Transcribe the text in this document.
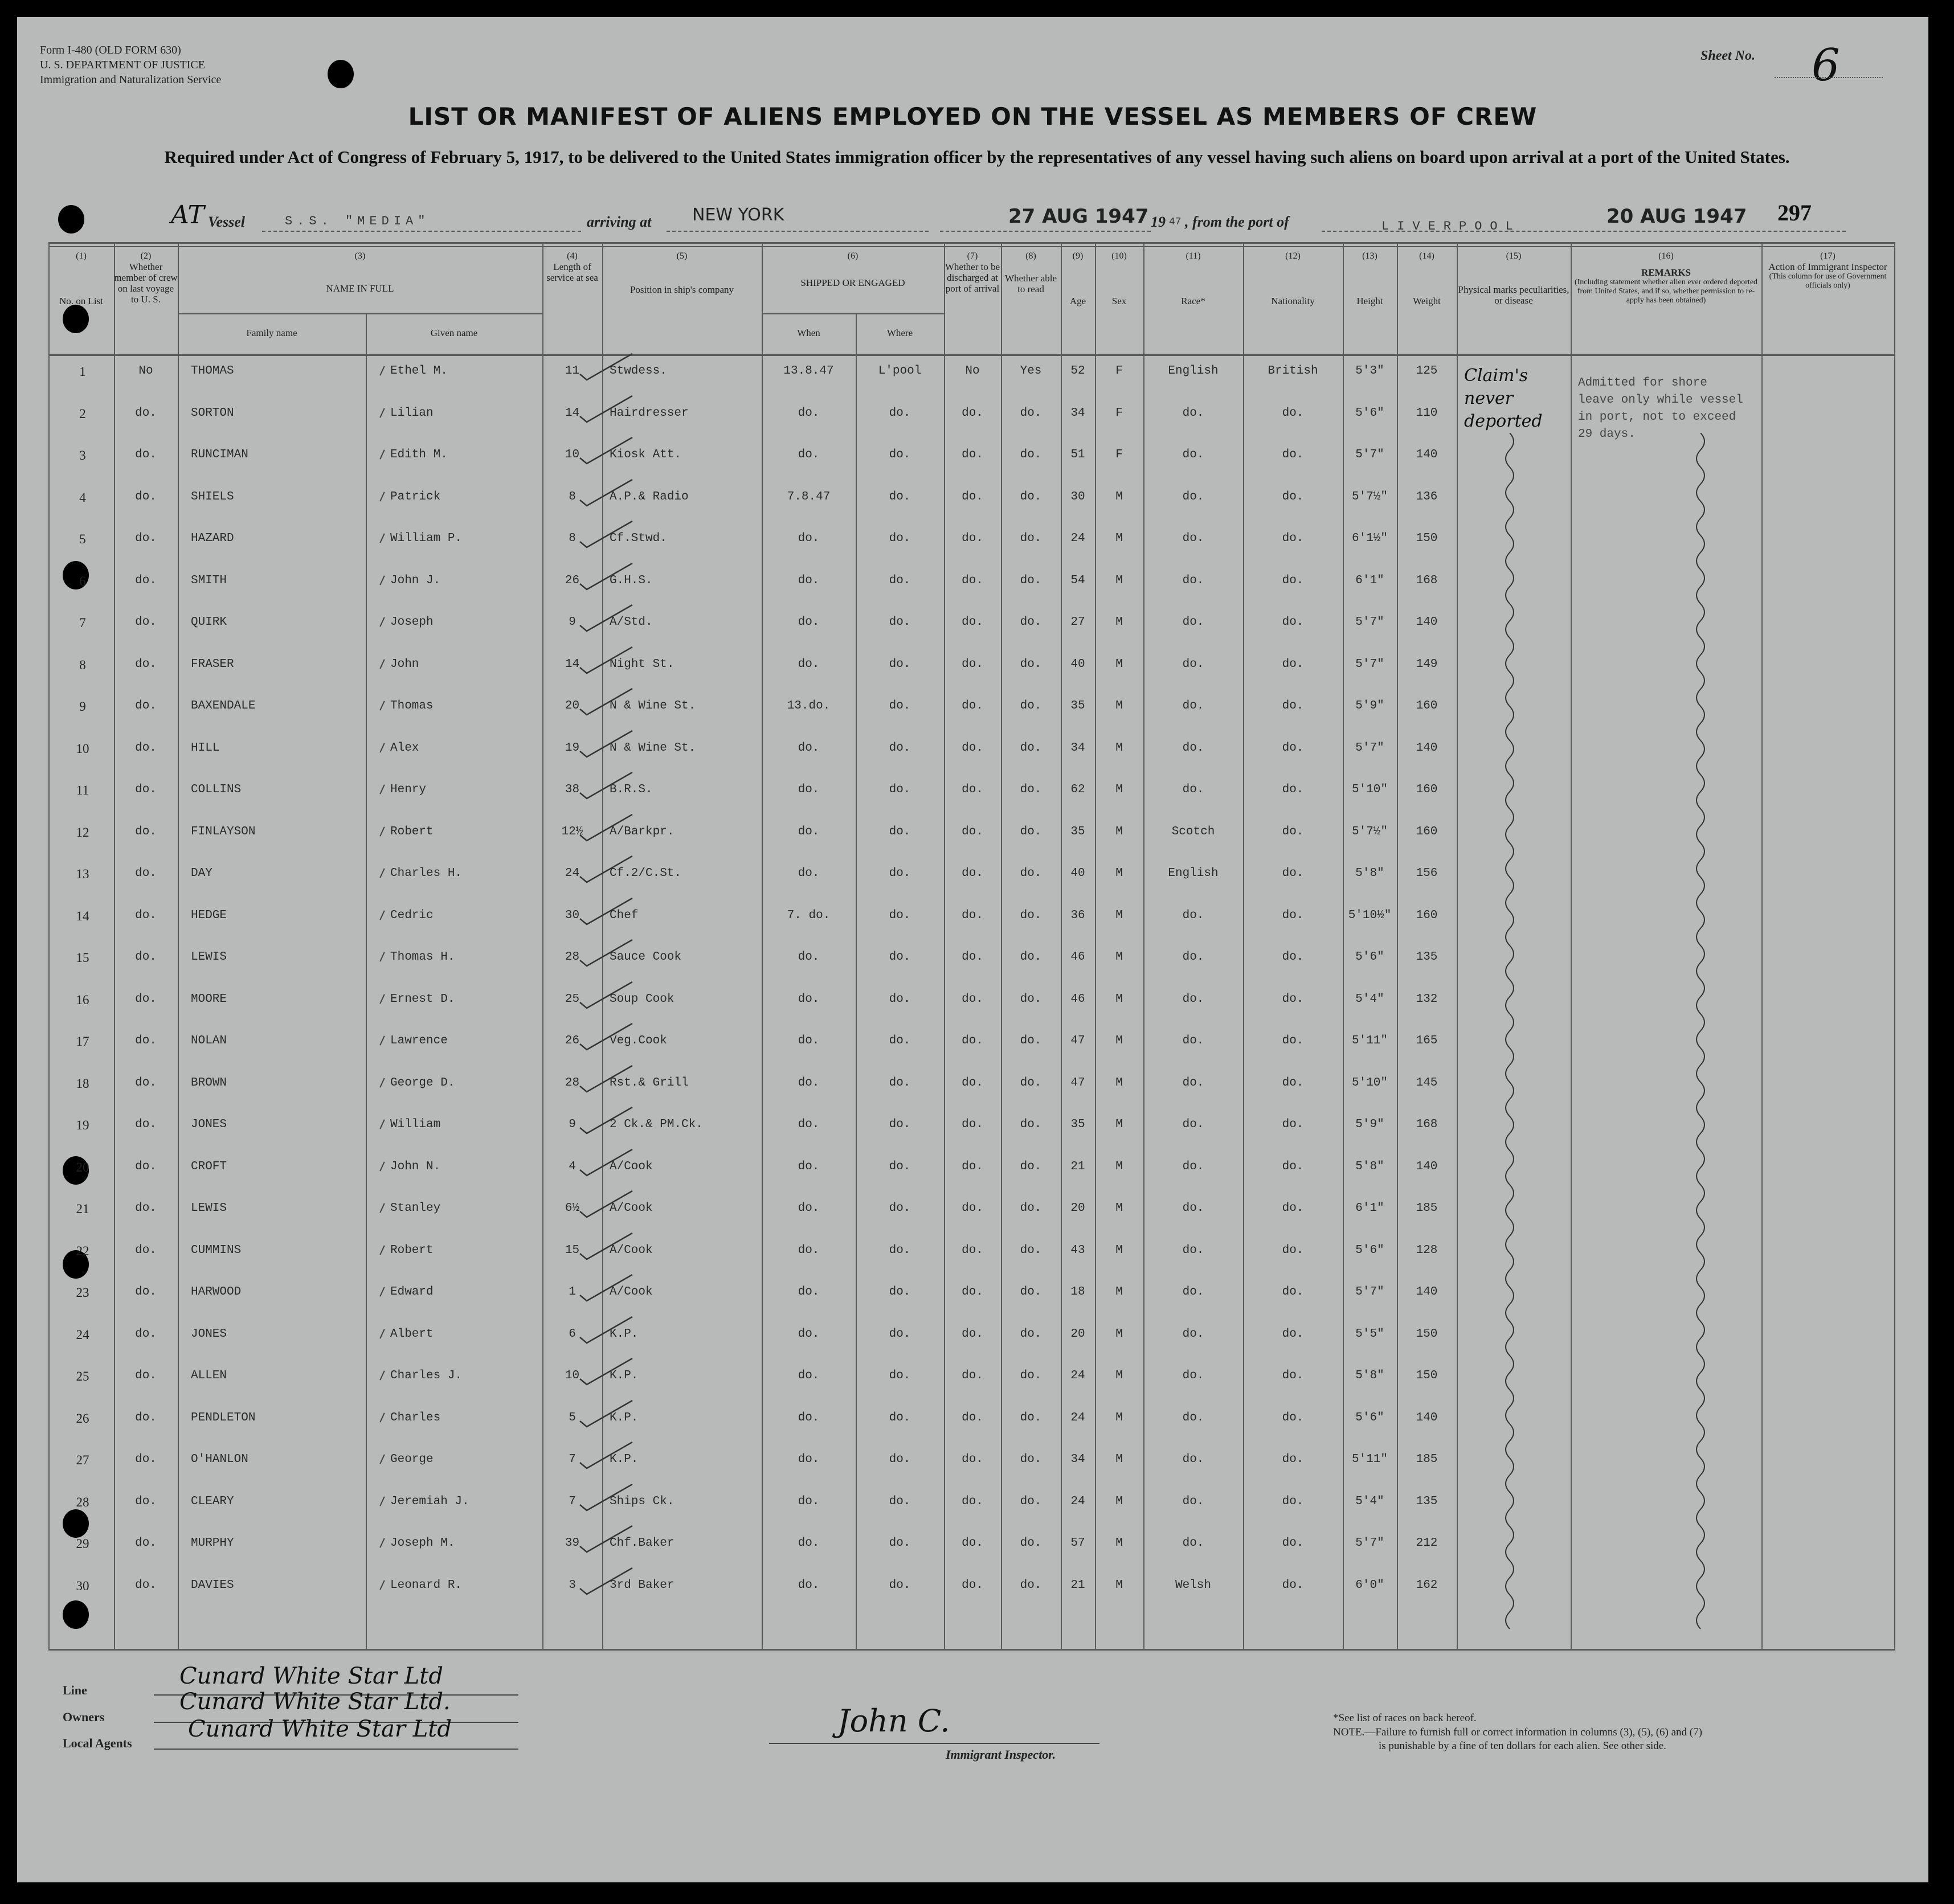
Form I-480 (OLD FORM 630)
U. S. DEPARTMENT OF JUSTICE
Immigration and Naturalization Service
Sheet No. 6
LIST OR MANIFEST OF ALIENS EMPLOYED ON THE VESSEL AS MEMBERS OF CREW
Required under Act of Congress of February 5, 1917, to be delivered to the United States immigration officer by the representatives of any vessel having such aliens on board upon arrival at a port of the United States.
AT Vessel	S.S. "MEDIA"	arriving at NEW YORK	27 AUG 1947 19 47 , from the port of	LIVERPOOL	20 AUG 1947 297
(1)
No. on List
(2)
Whether member of crew on last voyage to U. S.
(3)
NAME IN FULL
Family name	Given name
(4)
Length of service at sea
(5)
Position in ship's company
(6)
SHIPPED OR ENGAGED
When	Where
(7)
Whether to be discharged at port of arrival
(8)
Whether able to read
(9)
Age
(10)
Sex
(11)
Race*
(12)
Nationality
(13)
Height
(14)
Weight
(15)
Physical marks peculiarities, or disease
(16)
REMARKS
(Including statement whether alien ever ordered deported from United States, and if so, whether permission to re-apply has been obtained)
(17)
Action of Immigrant Inspector
(This column for use of Government officials only)
1	No	THOMAS	Ethel M.	11	Stwdess.	13.8.47	L'pool	No	Yes	52	F	English	British	5'3"	125
2	do.	SORTON	Lilian	14	Hairdresser	do.	do.	do.	do.	34	F	do.	do.	5'6"	110
3	do.	RUNCIMAN	Edith M.	10	Kiosk Att.	do.	do.	do.	do.	51	F	do.	do.	5'7"	140
4	do.	SHIELS	Patrick	8	A.P.& Radio	7.8.47	do.	do.	do.	30	M	do.	do.	5'7½"	136
5	do.	HAZARD	William P.	8	Cf.Stwd.	do.	do.	do.	do.	24	M	do.	do.	6'1½"	150
6	do.	SMITH	John J.	26	G.H.S.	do.	do.	do.	do.	54	M	do.	do.	6'1"	168
7	do.	QUIRK	Joseph	9	A/Std.	do.	do.	do.	do.	27	M	do.	do.	5'7"	140
8	do.	FRASER	John	14	Night St.	do.	do.	do.	do.	40	M	do.	do.	5'7"	149
9	do.	BAXENDALE	Thomas	20	N & Wine St.	13.do.	do.	do.	do.	35	M	do.	do.	5'9"	160
10	do.	HILL	Alex	19	N & Wine St.	do.	do.	do.	do.	34	M	do.	do.	5'7"	140
11	do.	COLLINS	Henry	38	B.R.S.	do.	do.	do.	do.	62	M	do.	do.	5'10"	160
12	do.	FINLAYSON	Robert	12½	A/Barkpr.	do.	do.	do.	do.	35	M	Scotch	do.	5'7½"	160
13	do.	DAY	Charles H.	24	Cf.2/C.St.	do.	do.	do.	do.	40	M	English	do.	5'8"	156
14	do.	HEDGE	Cedric	30	Chef	7. do.	do.	do.	do.	36	M	do.	do.	5'10½"	160
15	do.	LEWIS	Thomas H.	28	Sauce Cook	do.	do.	do.	do.	46	M	do.	do.	5'6"	135
16	do.	MOORE	Ernest D.	25	Soup Cook	do.	do.	do.	do.	46	M	do.	do.	5'4"	132
17	do.	NOLAN	Lawrence	26	Veg.Cook	do.	do.	do.	do.	47	M	do.	do.	5'11"	165
18	do.	BROWN	George D.	28	Rst.& Grill	do.	do.	do.	do.	47	M	do.	do.	5'10"	145
19	do.	JONES	William	9	2 Ck.& PM.Ck.	do.	do.	do.	do.	35	M	do.	do.	5'9"	168
20	do.	CROFT	John N.	4	A/Cook	do.	do.	do.	do.	21	M	do.	do.	5'8"	140
21	do.	LEWIS	Stanley	6½	A/Cook	do.	do.	do.	do.	20	M	do.	do.	6'1"	185
22	do.	CUMMINS	Robert	15	A/Cook	do.	do.	do.	do.	43	M	do.	do.	5'6"	128
23	do.	HARWOOD	Edward	1	A/Cook	do.	do.	do.	do.	18	M	do.	do.	5'7"	140
24	do.	JONES	Albert	6	K.P.	do.	do.	do.	do.	20	M	do.	do.	5'5"	150
25	do.	ALLEN	Charles J.	10	K.P.	do.	do.	do.	do.	24	M	do.	do.	5'8"	150
26	do.	PENDLETON	Charles	5	K.P.	do.	do.	do.	do.	24	M	do.	do.	5'6"	140
27	do.	O'HANLON	George	7	K.P.	do.	do.	do.	do.	34	M	do.	do.	5'11"	185
28	do.	CLEARY	Jeremiah J.	7	Ships Ck.	do.	do.	do.	do.	24	M	do.	do.	5'4"	135
29	do.	MURPHY	Joseph M.	39	Chf.Baker	do.	do.	do.	do.	57	M	do.	do.	5'7"	212
30	do.	DAVIES	Leonard R.	3	3rd Baker	do.	do.	do.	do.	21	M	Welsh	do.	6'0"	162
Claim's never deported
Admitted for shore leave only while vessel in port, not to exceed 29 days.
Line
Cunard White Star Ltd
Owners
Cunard White Star Ltd.
Local Agents
Cunard White Star Ltd	John C.
Immigrant Inspector.
*See list of races on back hereof.
NOTE.—Failure to furnish full or correct information in columns (3), (5), (6) and (7)
is punishable by a fine of ten dollars for each alien. See other side.
